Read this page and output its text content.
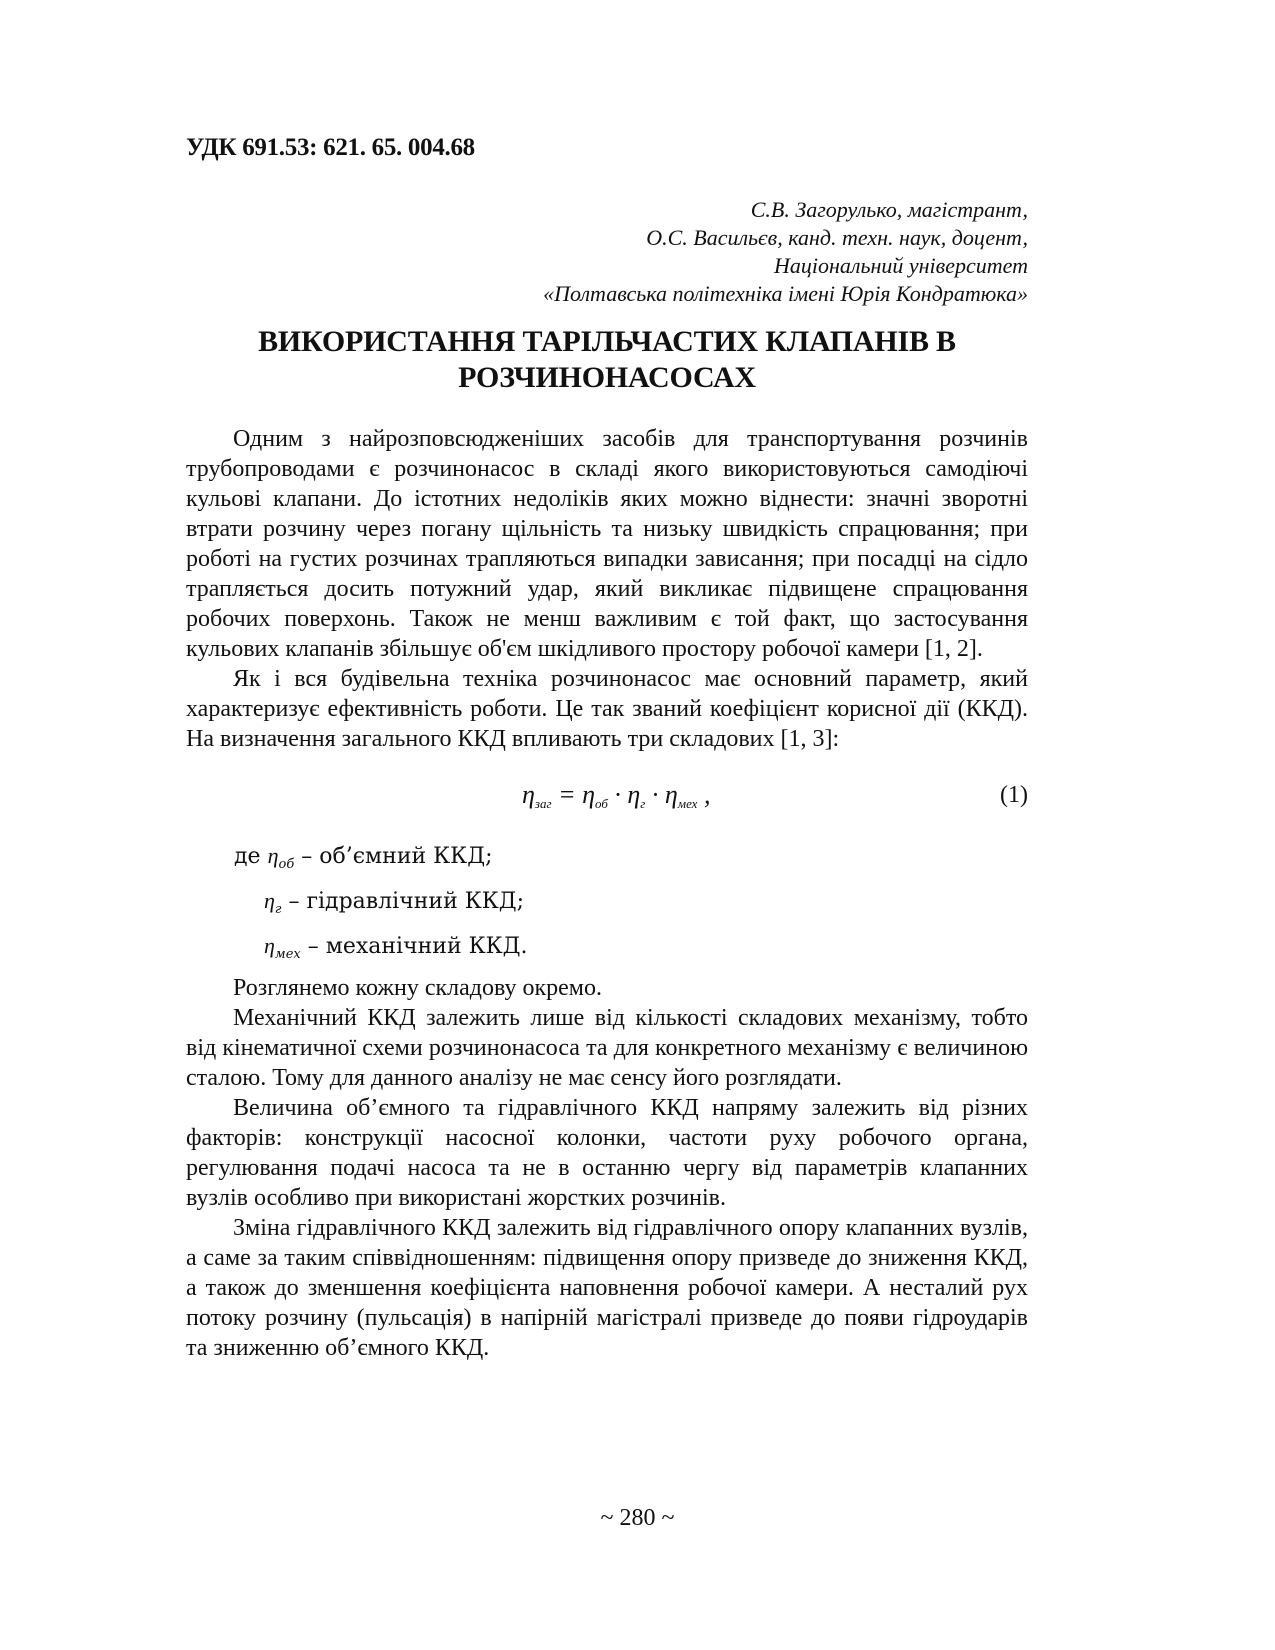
УДК 691.53: 621. 65. 004.68
С.В. Загорулько, магістрант,
О.С. Васильєв, канд. техн. наук, доцент,
Національний університет
«Полтавська політехніка імені Юрія Кондратюка»
ВИКОРИСТАННЯ ТАРІЛЬЧАСТИХ КЛАПАНІВ В
РОЗЧИНОНАСОСАХ

Одним з найрозповсюдженіших засобів для транспортування розчинів трубопроводами є розчинонасос в складі якого використовуються самодіючі кульові клапани. До істотних недоліків яких можно віднести: значні зворотні втрати розчину через погану щільність та низьку швидкість спрацювання; при роботі на густих розчинах трапляються випадки зависання; при посадці на сідло трапляється досить потужний удар, який викликає підвищене спрацювання робочих поверхонь. Також не менш важливим є той факт, що застосування кульових клапанів збільшує об'єм шкідливого простору робочої камери [1, 2].

Як і вся будівельна техніка розчинонасос має основний параметр, який характеризує ефективність роботи. Це так званий коефіцієнт корисної дії (ККД). На визначення загального ККД впливають три складових [1, 3]:

$\eta_{заг} = \eta_{об} \cdot \eta_г \cdot \eta_{мех}$ ,	(1)

де $\eta_{об}$ – об’ємний ККД;

$\eta_г$ – гідравлічний ККД;

$\eta_{мех}$ – механічний ККД.

Розглянемо кожну складову окремо.

Механічний ККД залежить лише від кількості складових механізму, тобто від кінематичної схеми розчинонасоса та для конкретного механізму є величиною сталою. Тому для данного аналізу не має сенсу його розглядати.

Величина об’ємного та гідравлічного ККД напряму залежить від різних факторів: конструкції насосної колонки, частоти руху робочого органа, регулювання подачі насоса та не в останню чергу від параметрів клапанних вузлів особливо при використані жорстких розчинів.

Зміна гідравлічного ККД залежить від гідравлічного опору клапанних вузлів, а саме за таким співвідношенням: підвищення опору призведе до зниження ККД, а також до зменшення коефіцієнта наповнення робочої камери. А несталий рух потоку розчину (пульсація) в напірній магістралі призведе до появи гідроударів та зниженню об’ємного ККД.

~ 280 ~
